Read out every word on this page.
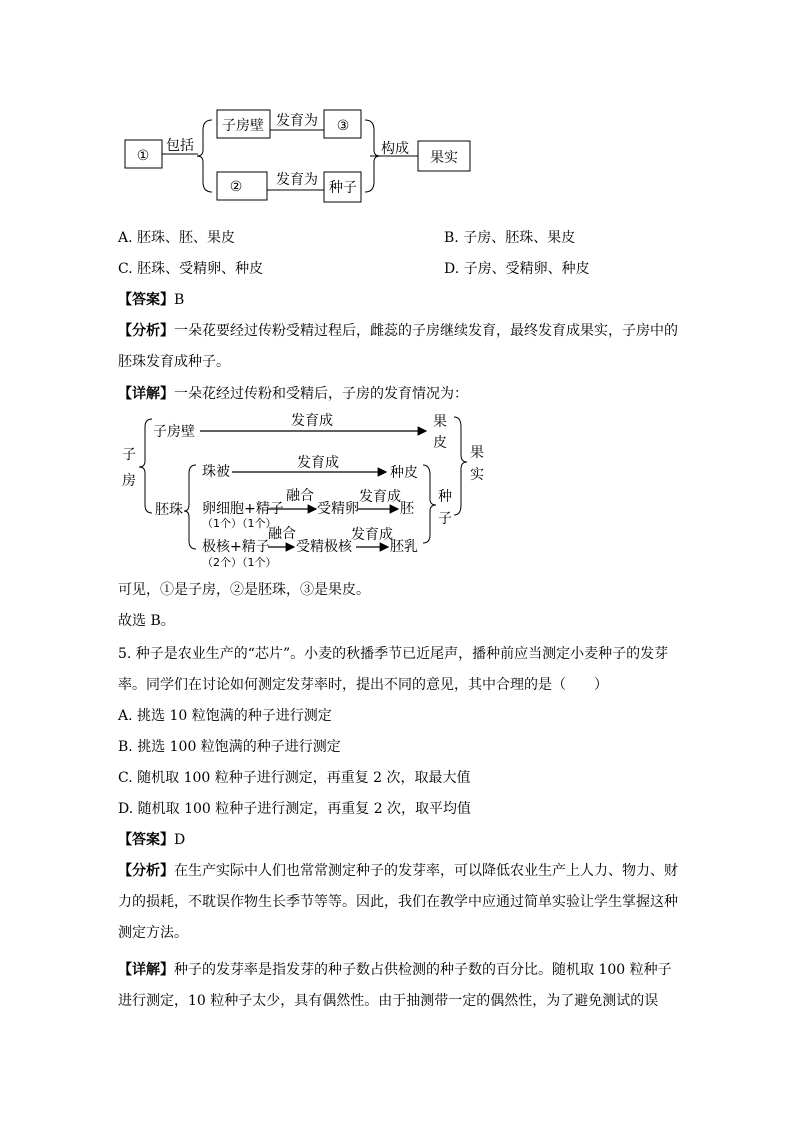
①
包括
子房壁 发育为 ③
② 发育为 种子
构成
果实
A. 胚珠、胚、果皮	B. 子房、胚珠、果皮
C. 胚珠、受精卵、种皮	D. 子房、受精卵、种皮
【答案】B
【分析】一朵花要经过传粉受精过程后，雌蕊的子房继续发育，最终发育成果实，子房中的胚珠发育成种子。
【详解】一朵花经过传粉和受精后，子房的发育情况为：
子
房
子房壁
发育成	果
皮
果
实
珠被
发育成
种皮
胚珠 卵细胞+精子
（1个）（1个）
融合
受精卵
发育成
胚
种
子
极核+精子
（2个）（1个）
融合
受精极核
发育成
胚乳
可见，①是子房，②是胚珠，③是果皮。
故选 B。
5. 种子是农业生产的“芯片”。小麦的秋播季节已近尾声，播种前应当测定小麦种子的发芽率。同学们在讨论如何测定发芽率时，提出不同的意见，其中合理的是（　　）
A. 挑选 10 粒饱满的种子进行测定
B. 挑选 100 粒饱满的种子进行测定
C. 随机取 100 粒种子进行测定，再重复 2 次，取最大值
D. 随机取 100 粒种子进行测定，再重复 2 次，取平均值
【答案】D
【分析】在生产实际中人们也常常测定种子的发芽率，可以降低农业生产上人力、物力、财力的损耗，不耽误作物生长季节等等。因此，我们在教学中应通过简单实验让学生掌握这种测定方法。
【详解】种子的发芽率是指发芽的种子数占供检测的种子数的百分比。随机取 100 粒种子进行测定，10 粒种子太少，具有偶然性。由于抽测带一定的偶然性，为了避免测试的误
